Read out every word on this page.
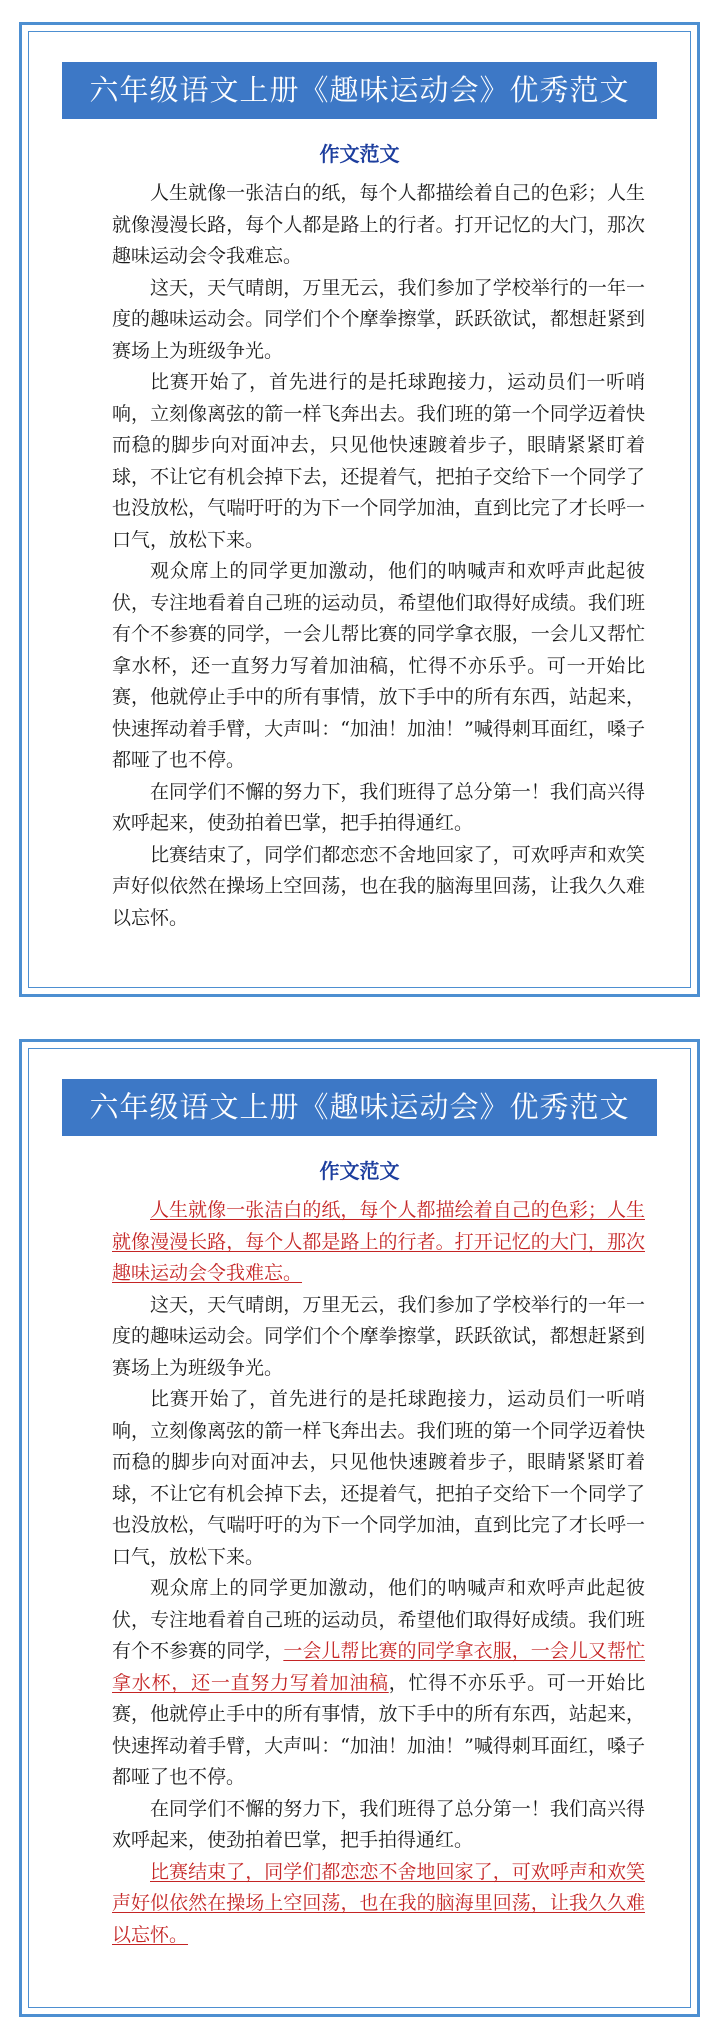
六年级语文上册《趣味运动会》优秀范文
作文范文

人生就像一张洁白的纸，每个人都描绘着自己的色彩；人生就像漫漫长路，每个人都是路上的行者。打开记忆的大门，那次趣味运动会令我难忘。

这天，天气晴朗，万里无云，我们参加了学校举行的一年一度的趣味运动会。同学们个个摩拳擦掌，跃跃欲试，都想赶紧到赛场上为班级争光。

比赛开始了，首先进行的是托球跑接力，运动员们一听哨响，立刻像离弦的箭一样飞奔出去。我们班的第一个同学迈着快而稳的脚步向对面冲去，只见他快速踱着步子，眼睛紧紧盯着球，不让它有机会掉下去，还提着气，把拍子交给下一个同学了也没放松，气喘吁吁的为下一个同学加油，直到比完了才长呼一口气，放松下来。

观众席上的同学更加激动，他们的呐喊声和欢呼声此起彼伏，专注地看着自己班的运动员，希望他们取得好成绩。我们班有个不参赛的同学，一会儿帮比赛的同学拿衣服，一会儿又帮忙拿水杯，还一直努力写着加油稿，忙得不亦乐乎。可一开始比赛，他就停止手中的所有事情，放下手中的所有东西，站起来，快速挥动着手臂，大声叫：“加油！加油！”喊得刺耳面红，嗓子都哑了也不停。

在同学们不懈的努力下，我们班得了总分第一！我们高兴得欢呼起来，使劲拍着巴掌，把手拍得通红。

比赛结束了，同学们都恋恋不舍地回家了，可欢呼声和欢笑声好似依然在操场上空回荡，也在我的脑海里回荡，让我久久难以忘怀。

六年级语文上册《趣味运动会》优秀范文
作文范文

人生就像一张洁白的纸，每个人都描绘着自己的色彩；人生就像漫漫长路，每个人都是路上的行者。打开记忆的大门，那次趣味运动会令我难忘。

这天，天气晴朗，万里无云，我们参加了学校举行的一年一度的趣味运动会。同学们个个摩拳擦掌，跃跃欲试，都想赶紧到赛场上为班级争光。

比赛开始了，首先进行的是托球跑接力，运动员们一听哨响，立刻像离弦的箭一样飞奔出去。我们班的第一个同学迈着快而稳的脚步向对面冲去，只见他快速踱着步子，眼睛紧紧盯着球，不让它有机会掉下去，还提着气，把拍子交给下一个同学了也没放松，气喘吁吁的为下一个同学加油，直到比完了才长呼一口气，放松下来。

观众席上的同学更加激动，他们的呐喊声和欢呼声此起彼伏，专注地看着自己班的运动员，希望他们取得好成绩。我们班有个不参赛的同学，一会儿帮比赛的同学拿衣服，一会儿又帮忙拿水杯，还一直努力写着加油稿，忙得不亦乐乎。可一开始比赛，他就停止手中的所有事情，放下手中的所有东西，站起来，快速挥动着手臂，大声叫：“加油！加油！”喊得刺耳面红，嗓子都哑了也不停。

在同学们不懈的努力下，我们班得了总分第一！我们高兴得欢呼起来，使劲拍着巴掌，把手拍得通红。

比赛结束了，同学们都恋恋不舍地回家了，可欢呼声和欢笑声好似依然在操场上空回荡，也在我的脑海里回荡，让我久久难以忘怀。
